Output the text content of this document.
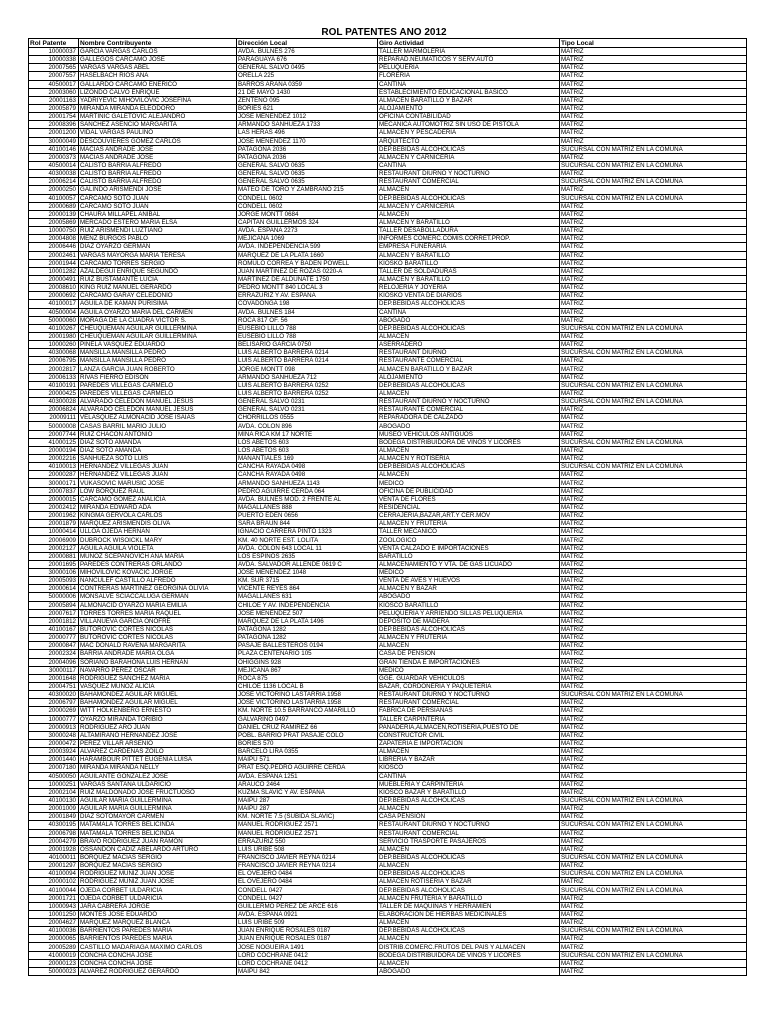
ROL PATENTES ANO 2012
Rol Patente	Nombre Contribuyente	Dirección Local	Giro Actividad	Tipo Local
10000037	GARCIA VARGAS CARLOS	AVDA. BULNES 276	TALLER MARMOLERIA	MATRIZ
10000338	GALLEGOS CARCAMO JOSE	PARAGUAYA 676	REPARAD.NEUMATICOS Y SERV.AUTO	MATRIZ
20007565	VARGAS VARGAS ABEL	GENERAL SALVO 0495	PELUQUERIA	MATRIZ
20007557	HASELBACH RIOS ANA	ORELLA 225	FLORERIA	MATRIZ
40500017	GALLARDO CARCAMO ENERICO	BARROS ARANA 0359	CANTINA	MATRIZ
20003060	LIZONDO CALVO ENRIQUE	21 DE MAYO 1430	ESTABLECIMIENTO EDUCACIONAL BASICO	MATRIZ
20001163	YADRIYEVIC MIHOVILOVIC JOSEFINA	ZENTENO 095	ALMACEN BARATILLO Y BAZAR	MATRIZ
20005879	MIRANDA MIRANDA ELEODORO	BORIES 621	ALOJAMIENTO	MATRIZ
20001754	MARTINIC GALETOVIC ALEJANDRO	JOSE MENENDEZ 1012	OFICINA CONTABILIDAD	MATRIZ
20008396	SANCHEZ ASENCIO MARGARITA	ARMANDO SANHUEZA 1733	MECANICA AUTOMOTRIZ SIN USO DE PISTOLA	MATRIZ
20001200	VIDAL VARGAS PAULINO	LAS HERAS 496	ALMACEN Y PESCADERIA	MATRIZ
30000049	DESCOUVIERES GOMEZ CARLOS	JOSE MENENDEZ 1170	ARQUITECTO	MATRIZ
40100146	MACIAS ANDRADE JOSE	PATAGONA 2036	DEP.BEBIDAS ALCOHOLICAS	SUCURSAL CON MATRIZ EN LA COMUNA
20000373	MACIAS ANDRADE JOSE	PATAGONA 2036	ALMACEN Y CARNICERIA	MATRIZ
40500014	CALISTO BARRIA ALFREDO	GENERAL SALVO 0635	CANTINA	SUCURSAL CON MATRIZ EN LA COMUNA
40300038	CALISTO BARRIA ALFREDO	GENERAL SALVO 0635	RESTAURANT DIURNO Y NOCTURNO	MATRIZ
20006214	CALISTO BARRIA ALFREDO	GENERAL SALVO 0635	RESTAURANT COMERCIAL	SUCURSAL CON MATRIZ EN LA COMUNA
20000250	GALINDO ARISMENDI JOSE	MATEO DE TORO Y ZAMBRANO 215	ALMACEN	MATRIZ
40100057	CARCAMO SOTO JUAN	CONDELL 0602	DEP.BEBIDAS ALCOHOLICAS	SUCURSAL CON MATRIZ EN LA COMUNA
20000689	CARCAMO SOTO JUAN	CONDELL 0602	ALMACEN Y CARNICERIA	MATRIZ
20000139	CHAURA MILLAPEL ANIBAL	JORGE MONTT 0684	ALMACEN	MATRIZ
20005869	MERCADO ESTERO MARIA ELSA	CAPITAN GUILLERMOS 324	ALMACEN Y BARATILLO	MATRIZ
10000750	RUIZ ARISMENDI LUZTIANO	AVDA. ESPANA 2273	TALLER DESABOLLADURA	MATRIZ
20004808	MENZ BURGOS PABLO	MEJICANA 1069	INFORMES COMERC.COMIS.CORRET.PROP.	MATRIZ
20006446	DIAZ OYARZO GERMAN	AVDA. INDEPENDENCIA 599	EMPRESA FUNERARIA	MATRIZ
20002461	VARGAS MAYORGA MARIA TERESA	MARQUEZ DE LA PLATA 1660	ALMACEN Y BARATILLO	MATRIZ
20001944	CARCAMO TORRES SERGIO	ROMULO CORREA Y BADEN POWELL	KIOSKO BARATILLO	MATRIZ
10001282	AZALDEGUI ENRIQUE SEGUNDO	JUAN MARTINEZ DE ROZAS 0220-A	TALLER DE SOLDADURAS	MATRIZ
20000491	RUIZ BUSTAMANTE LUCIA	MARTINEZ DE ALDUNATE 1750	ALMACEN Y BARATILLO	MATRIZ
20008610	KING RUIZ MANUEL GERARDO	PEDRO MONTT 840 LOCAL 3	RELOJERIA Y JOYERIA	MATRIZ
20000692	CARCAMO GARAY CELEDONIO	ERRAZURIZ Y AV. ESPANA	KIOSKO VENTA DE DIARIOS	MATRIZ
40100017	AGUILA DE KAMAN PURISIMA	COVADONGA 198	DEP.BEBIDAS ALCOHOLICAS	MATRIZ
40500004	AGUILA OYARZO MARIA DEL CARMEN	AVDA. BULNES 184	CANTINA	MATRIZ
50000060	MORAGA DE LA CUADRA VICTOR S.	ROCA 817 OF. 56	ABOGADO	MATRIZ
40100267	CHEUQUEMAN AGUILAR GUILLERMINA	EUSEBIO LILLO 788	DEP.BEBIDAS ALCOHOLICAS	SUCURSAL CON MATRIZ EN LA COMUNA
20001980	CHEUQUEMAN AGUILAR GUILLERMINA	EUSEBIO LILLO 788	ALMACEN	MATRIZ
10000260	PINELA VASQUEZ EDUARDO	BELISARIO GARCIA 0750	ASERRADERO	MATRIZ
40300068	MANSILLA MANSILLA PEDRO	LUIS ALBERTO BARRERA 0214	RESTAURANT DIURNO	SUCURSAL CON MATRIZ EN LA COMUNA
20006795	MANSILLA MANSILLA PEDRO	LUIS ALBERTO BARRERA 0214	RESTAURANTE COMERCIAL	MATRIZ
20002817	LANZA GARCIA JUAN ROBERTO	JORGE MONTT 098	ALMACEN BARATILLO Y BAZAR	MATRIZ
20006133	RIVAS FIERRO EDISON	ARMANDO SANHUEZA 712	ALOJAMIENTO	MATRIZ
40100191	PAREDES VILLEGAS CARMELO	LUIS ALBERTO BARRERA 0252	DEP.BEBIDAS ALCOHOLICAS	SUCURSAL CON MATRIZ EN LA COMUNA
20000425	PAREDES VILLEGAS CARMELO	LUIS ALBERTO BARRERA 0252	ALMACEN	MATRIZ
40300028	ALVARADO CELEDON MANUEL JESUS	GENERAL SALVO 0231	RESTAURANT DIURNO Y NOCTURNO	SUCURSAL CON MATRIZ EN LA COMUNA
20006824	ALVARADO CELEDON MANUEL JESUS	GENERAL SALVO 0231	RESTAURANTE COMERCIAL	MATRIZ
20009111	VELASQUEZ ALMONACID JOSE ISAIAS	CHORRILLOS 0555	REPARADORA DE CALZADO	MATRIZ
50000008	CASAS BARRIL MARIO JULIO	AVDA. COLON 896	ABOGADO	MATRIZ
20007744	RUIZ CHACON ANTONIO	MINA RICA KM 17 NORTE	MUSEO VEHICULOS ANTIGUOS	MATRIZ
41000125	DIAZ SOTO AMANDA	LOS ABETOS 603	BODEGA DISTRIBUIDORA DE VINOS Y LICORES	SUCURSAL CON MATRIZ EN LA COMUNA
20000194	DIAZ SOTO AMANDA	LOS ABETOS 603	ALMACEN	MATRIZ
20002216	SANHUEZA SOTO LUIS	MANANTIALES 169	ALMACEN Y ROTISERIA	MATRIZ
40100013	HERNANDEZ VILLEGAS JUAN	CANCHA RAYADA 0498	DEP.BEBIDAS ALCOHOLICAS	SUCURSAL CON MATRIZ EN LA COMUNA
20000287	HERNANDEZ VILLEGAS JUAN	CANCHA RAYADA 0498	ALMACEN	MATRIZ
30000171	VUKASOVIC MARUSIC JOSE	ARMANDO SANHUEZA 1143	MEDICO	MATRIZ
20007837	LOW BORQUEZ RAUL	PEDRO AGUIRRE CERDA 064	OFICINA DE PUBLICIDAD	MATRIZ
20000015	CARCAMO GOMEZ ANALICIA	AVDA. BULNES MOD. 2 FRENTE AL	VENTA DE FLORES	MATRIZ
20002412	MIRANDA EDWARD ADA	MAGALLANES 888	RESIDENCIAL	MATRIZ
20001962	KINGMA GERVOLA CARLOS	PUERTO EDEN 0656	CERRAJERIA,BAZAR,ART.Y CER.MOV	MATRIZ
20001879	MARQUEZ ARISMENDIS OLIVA	SARA BRAUN 844	ALMACEN Y FRUTERIA	MATRIZ
10000414	ULLOA OJEDA HERNAN	IGNACIO CARRERA PINTO 1323	TALLER MECANICO	MATRIZ
20006909	DUBROCK WISOICKL MARY	KM. 40 NORTE EST. LOLITA	ZOOLOGICO	MATRIZ
20002127	AGUILA AGUILA VIOLETA	AVDA. COLON 643 LOCAL 11	VENTA CALZADO E IMPORTACIONES	MATRIZ
20000881	MUNOZ SCEPANOVICH ANA MARIA	LOS ESPINOS 2635	BARATILLO	MATRIZ
20001695	PAREDES CONTRERAS ORLANDO	AVDA. SALVADOR ALLENDE 0619 C	ALMACENAMIENTO Y VTA. DE GAS LICUADO	MATRIZ
30000106	MIHOVILOVIC KOVACIC JORGE	JOSE MENENDEZ 1048	MEDICO	MATRIZ
20005093	NANCULEF CASTILLO ALFREDO	KM. SUR 3715	VENTA DE AVES Y HUEVOS	MATRIZ
20000614	CONTRERAS MARTINEZ GEORGINA OLIVIA	VICENTE REYES 864	ALMACEN Y BAZAR	MATRIZ
50000006	MONSALVE SCIACCALUGA GERMAN	MAGALLANES 631	ABOGADO	MATRIZ
20005894	ALMONACID OYARZO MARIA EMILIA	CHILOE Y AV. INDEPENDENCIA	KIOSCO BARATILLO	MATRIZ
20007617	TORRES TORRES MARIA RAQUEL	JOSE MENENDEZ 507	PELUQUERIA Y ARRIENDO SILLAS PELUQUERIA	MATRIZ
20001812	VILLANUEVA GARCIA ONOFRE	MARQUEZ DE LA PLATA 1496	DEPOSITO DE MADERA	MATRIZ
40100167	BUTOROVIC CORTES NICOLAS	PATAGONA 1282	DEP.BEBIDAS ALCOHOLICAS	MATRIZ
20000777	BUTOROVIC CORTES NICOLAS	PATAGONA 1282	ALMACEN Y FRUTERIA	MATRIZ
20000847	MAC DONALD RAVENA MARGARITA	PASAJE BALLESTEROS 0194	ALMACEN	MATRIZ
20002324	BARRIA ANDRADE MARIA OLGA	PLAZA CENTENARIO 105	CASA DE PENSION	MATRIZ
20004096	SORIANO BARAHONA LUIS HERNAN	OHIGGINS 928	GRAN TIENDA E IMPORTACIONES	MATRIZ
30000117	NAVARRO PEREZ OSCAR	MEJICANA 867	MEDICO	MATRIZ
20001648	RODRIGUEZ SANCHEZ MARIA	ROCA 875	GGE. GUARDAR VEHICULOS	MATRIZ
20004751	VASQUEZ MUNOZ ALICIA	CHILOE 1136 LOCAL B	BAZAR, CORDONERIA Y PAQUETERIA	MATRIZ
40300020	BAHAMONDEZ AGUILAR MIGUEL	JOSE VICTORINO LASTARRIA 1958	RESTAURANT DIURNO Y NOCTURNO	SUCURSAL CON MATRIZ EN LA COMUNA
20006797	BAHAMONDEZ AGUILAR MIGUEL	JOSE VICTORINO LASTARRIA 1958	RESTAURANT COMERCIAL	MATRIZ
20000269	WITT HOLKENBERG ERNESTO	KM. NORTE 10.5 BARRANCO AMARILLO	FABRICA DE PERSIANAS	MATRIZ
10000777	OYARZO MIRANDA TORIBIO	GALVARINO 0497	TALLER CARPINTERIA	MATRIZ
20000913	RODRIGUEZ ARO JUAN	DANIEL CRUZ RAMIREZ 66	PANADERIA,ALMACEN,ROTISERIA,PUESTO DE	MATRIZ
30000248	ALTAMIRANO HERNANDEZ JOSE	POBL. BARRIO PRAT PASAJE COLO	CONSTRUCTOR CIVIL	MATRIZ
20000472	PEREZ VILLAR ARSENIO	BORIES 570	ZAPATERIA E IMPORTACION	MATRIZ
20003924	ALVAREZ CARDENAS ZOILO	BARCELO LIRA 0355	ALMACEN	MATRIZ
20001440	HARAMBOUR PITTET EUGENIA LUISA	MAIPU 571	LIBRERIA Y BAZAR	MATRIZ
20007180	MIRANDA MIRANDA NELLY	PRAT ESQ.PEDRO AGUIRRE CERDA	KIOSCO	MATRIZ
40500050	AGUILANTE GONZALEZ JOSE	AVDA. ESPANA 1251	CANTINA	MATRIZ
10000251	VARGAS SANTANA ULDARICIO	ARAUCO 2464	MUEBLERIA Y CARPINTERIA	MATRIZ
20002104	RUIZ MALDONADO JOSE FRUCTUOSO	KUZMA SLAVIC Y AV. ESPANA	KIOSCO BAZAR Y BARATILLO	MATRIZ
40100130	AGUILAR MARIA GUILLERMINA	MAIPU 287	DEP.BEBIDAS ALCOHOLICAS	SUCURSAL CON MATRIZ EN LA COMUNA
20001009	AGUILAR MARIA GUILLERMINA	MAIPU 287	ALMACEN	MATRIZ
20001849	DIAZ SOTOMAYOR CARMEN	KM. NORTE 7.5 (SUBIDA SLAVIC)	CASA PENSION	MATRIZ
40300195	MATAMALA TORRES BELICINDA	MANUEL RODRIGUEZ 2571	RESTAURANT DIURNO Y NOCTURNO	SUCURSAL CON MATRIZ EN LA COMUNA
20006798	MATAMALA TORRES BELICINDA	MANUEL RODRIGUEZ 2571	RESTAURANT COMERCIAL	MATRIZ
20004279	BRAVO RODRIGUEZ JUAN RAMON	ERRAZURIZ 550	SERVICIO TRASPORTE PASAJEROS	MATRIZ
20001928	OSSANDON CADIZ ABELARDO ARTURO	LUIS URIBE 508	ALMACEN	MATRIZ
40100011	BORQUEZ MACIAS SERGIO	FRANCISCO JAVIER REYNA 0214	DEP.BEBIDAS ALCOHOLICAS	SUCURSAL CON MATRIZ EN LA COMUNA
20001297	BORQUEZ MACIAS SERGIO	FRANCISCO JAVIER REYNA 0214	ALMACEN	MATRIZ
40100094	RODRIGUEZ MUNIZ JUAN JOSE	EL OVEJERO 0484	DEP.BEBIDAS ALCOHOLICAS	SUCURSAL CON MATRIZ EN LA COMUNA
20000102	RODRIGUEZ MUNIZ JUAN JOSE	EL OVEJERO 0484	ALMACEN ROTISERIA Y BAZAR	MATRIZ
40100044	OJEDA CORBET ULDARICIA	CONDELL 0427	DEP.BEBIDAS ALCOHOLICAS	SUCURSAL CON MATRIZ EN LA COMUNA
20001721	OJEDA CORBET ULDARICIA	CONDELL 0427	ALMACEN FRUTERIA Y BARATILLO	MATRIZ
10000943	JARA CABRERA JORGE	GUILLERMO PEREZ DE ARCE 616	TALLER DE MAQUINAS Y HERRAMIEN	MATRIZ
10001250	MONTES JOSE EDUARDO	AVDA. ESPANA 0921	ELABORACION DE HIERBAS MEDICINALES	MATRIZ
20004627	MARQUEZ MARQUEZ BLANCA	LUIS URIBE 509	ALMACEN	MATRIZ
40100036	BARRIENTOS PAREDES MARIA	JUAN ENRIQUE ROSALES 0187	DEP.BEBIDAS ALCOHOLICAS	SUCURSAL CON MATRIZ EN LA COMUNA
20000065	BARRIENTOS PAREDES MARIA	JUAN ENRIQUE ROSALES 0187	ALMACEN	MATRIZ
20005289	CASTILLO MADARIAGA MAXIMO CARLOS	JOSE NOGUEIRA 1491	DISTRIB.COMERC.FRUTOS DEL PAIS Y ALMACEN	MATRIZ
41000019	CONCHA CONCHA JOSE	LORD COCHRANE 0412	BODEGA DISTRIBUIDORA DE VINOS Y LICORES	SUCURSAL CON MATRIZ EN LA COMUNA
20000123	CONCHA CONCHA JOSE	LORD COCHRANE 0412	ALMACEN	MATRIZ
50000023	ALVAREZ RODRIGUEZ GERARDO	MAIPU 842	ABOGADO	MATRIZ
